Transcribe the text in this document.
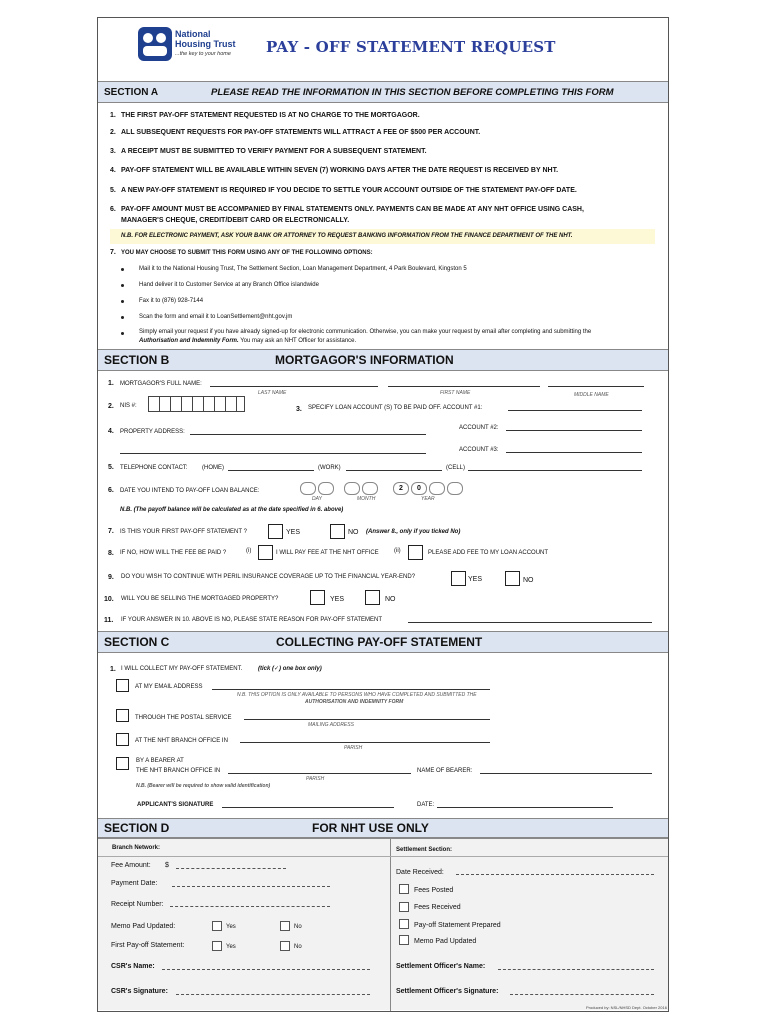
National
Housing Trust
...the key to your home	PAY - OFF STATEMENT REQUEST
SECTION A	PLEASE READ THE INFORMATION IN THIS SECTION BEFORE COMPLETING THIS FORM
1. THE FIRST PAY-OFF STATEMENT REQUESTED IS AT NO CHARGE TO THE MORTGAGOR.
2. ALL SUBSEQUENT REQUESTS FOR PAY-OFF STATEMENTS WILL ATTRACT A FEE OF $500 PER ACCOUNT.
3. A RECEIPT MUST BE SUBMITTED TO VERIFY PAYMENT FOR A SUBSEQUENT STATEMENT.
4. PAY-OFF STATEMENT WILL BE AVAILABLE WITHIN SEVEN (7) WORKING DAYS AFTER THE DATE REQUEST IS RECEIVED BY NHT.
5. A NEW PAY-OFF STATEMENT IS REQUIRED IF YOU DECIDE TO SETTLE YOUR ACCOUNT OUTSIDE OF THE STATEMENT PAY-OFF DATE.
6. PAY-OFF AMOUNT MUST BE ACCOMPANIED BY FINAL STATEMENTS ONLY. PAYMENTS CAN BE MADE AT ANY NHT OFFICE USING CASH,
MANAGER'S CHEQUE, CREDIT/DEBIT CARD OR ELECTRONICALLY.
N.B. FOR ELECTRONIC PAYMENT, ASK YOUR BANK OR ATTORNEY TO REQUEST BANKING INFORMATION FROM THE FINANCE DEPARTMENT OF THE NHT.
7. YOU MAY CHOOSE TO SUBMIT THIS FORM USING ANY OF THE FOLLOWING OPTIONS:
Mail it to the National Housing Trust, The Settlement Section, Loan Management Department, 4 Park Boulevard, Kingston 5
Hand deliver it to Customer Service at any Branch Office islandwide
Fax it to (876) 928-7144
Scan the form and email it to LoanSettlement@nht.gov.jm
Simply email your request if you have already signed-up for electronic communication. Otherwise, you can make your request by email after completing and submitting the
Authorisation and Indemnity Form. You may ask an NHT Officer for assistance.
SECTION B	MORTGAGOR'S INFORMATION
1. MORTGAGOR'S FULL NAME:
LAST NAME	FIRST NAME	MIDDLE NAME
2. NIS #:	3. SPECIFY LOAN ACCOUNT (S) TO BE PAID OFF. ACCOUNT #1:
4. PROPERTY ADDRESS:
ACCOUNT #2:
ACCOUNT #3:
5. TELEPHONE CONTACT: (HOME)	(WORK)	(CELL)
6. DATE YOU INTEND TO PAY-OFF LOAN BALANCE:	2	0
DAY	MONTH	YEAR
N.B. (The payoff balance will be calculated as at the date specified in 6. above)
7. IS THIS YOUR FIRST PAY-OFF STATEMENT ?	YES	NO (Answer 8., only if you ticked No)
8. IF NO, HOW WILL THE FEE BE PAID ?	(i)	I WILL PAY FEE AT THE NHT OFFICE	(ii)	PLEASE ADD FEE TO MY LOAN ACCOUNT
9. DO YOU WISH TO CONTINUE WITH PERIL INSURANCE COVERAGE UP TO THE FINANCIAL YEAR-END?	YES	NO
10. WILL YOU BE SELLING THE MORTGAGED PROPERTY?	YES	NO
11. IF YOUR ANSWER IN 10. ABOVE IS NO, PLEASE STATE REASON FOR PAY-OFF STATEMENT
SECTION C	COLLECTING PAY-OFF STATEMENT
1. I WILL COLLECT MY PAY-OFF STATEMENT.	(tick (✓) one box only)
AT MY EMAIL ADDRESS
N.B. THIS OPTION IS ONLY AVAILABLE TO PERSONS WHO HAVE COMPLETED AND SUBMITTED THE
AUTHORISATION AND INDEMNITY FORM
THROUGH THE POSTAL SERVICE
MAILING ADDRESS
AT THE NHT BRANCH OFFICE IN
PARISH
BY A BEARER AT
THE NHT BRANCH OFFICE IN
PARISH
NAME OF BEARER:
N.B. (Bearer will be required to show valid identification)
APPLICANT'S SIGNATURE	DATE:
SECTION D	FOR NHT USE ONLY
Branch Network:
Fee Amount: $
Payment Date:
Receipt Number:
Memo Pad Updated:	Yes	No
First Pay-off Statement:	Yes	No
CSR's Name:
CSR's Signature:
Settlement Section:
Date Received:
Fees Posted
Fees Received
Pay-off Statement Prepared
Memo Pad Updated
Settlement Officer's Name:
Settlement Officer's Signature:
Produced by: NSL/NHSD Dept. October 2016
